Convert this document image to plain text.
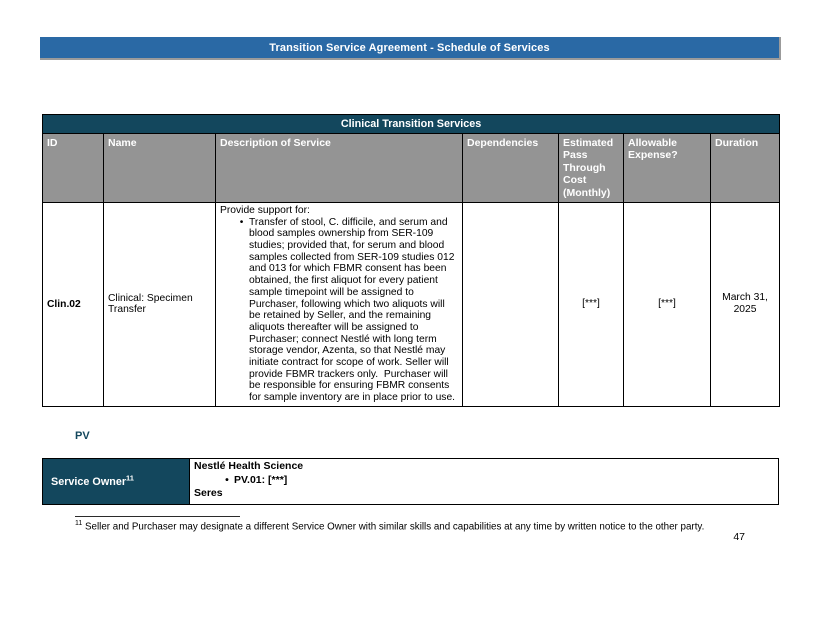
Transition Service Agreement - Schedule of Services
Clinical Transition Services						
ID	Name	Description of Service	Dependencies	Estimated Pass Through Cost (Monthly)	Allowable Expense?	Duration
Clin.02	Clinical: Specimen Transfer	Provide support for:
• Transfer of stool, C. difficile, and serum and blood samples ownership from SER-109 studies; provided that, for serum and blood samples collected from SER-109 studies 012 and 013 for which FBMR consent has been obtained, the first aliquot for every patient sample timepoint will be assigned to Purchaser, following which two aliquots will be retained by Seller, and the remaining aliquots thereafter will be assigned to Purchaser; connect Nestlé with long term storage vendor, Azenta, so that Nestlé may initiate contract for scope of work. Seller will provide FBMR trackers only.  Purchaser will be responsible for ensuring FBMR consents for sample inventory are in place prior to use.		[***]	[***]	March 31, 2025
PV
Service Owner$^{11}$
Nestlé Health Science
• PV.01: [***]
Seres
$^{11}$ Seller and Purchaser may designate a different Service Owner with similar skills and capabilities at any time by written notice to the other party.
47
